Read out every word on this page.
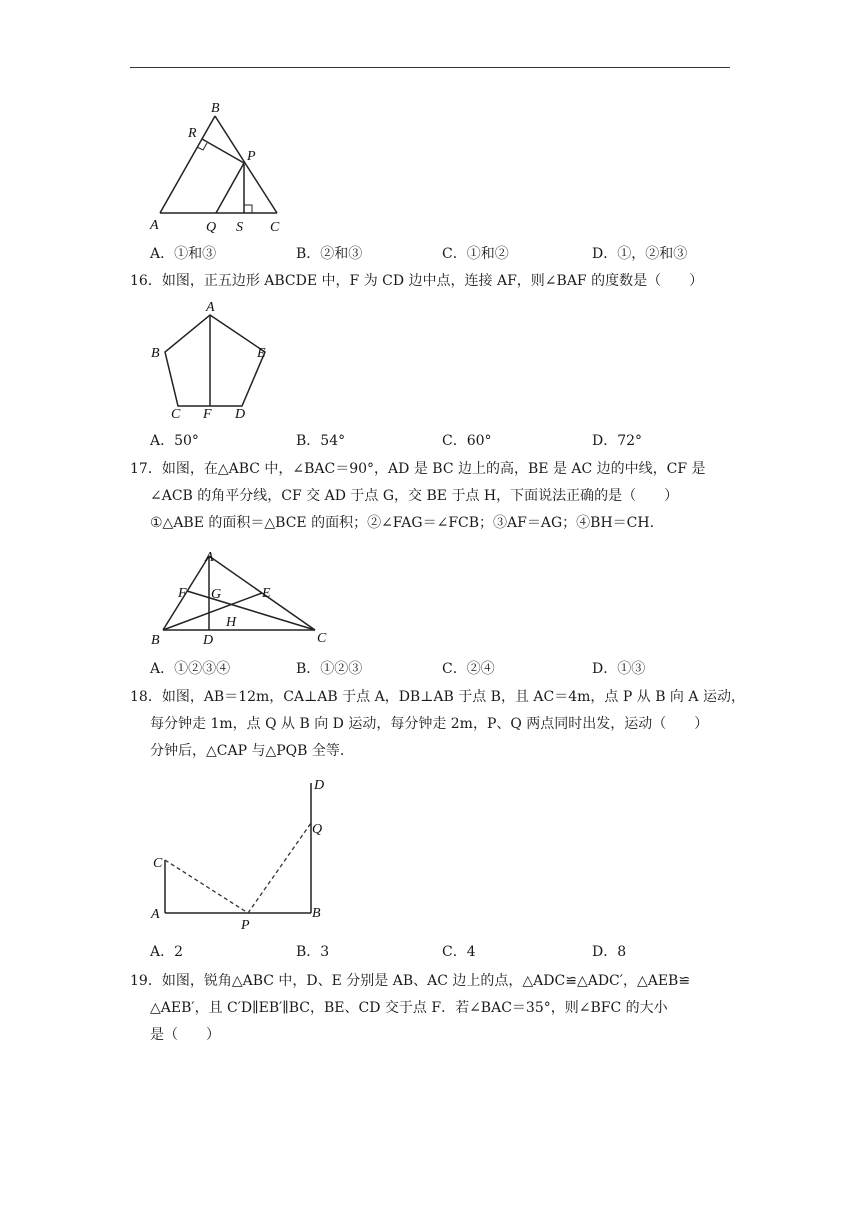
B
R
P
A	Q S C
A．①和③	B．②和③	C．①和②	D．①，②和③
16．如图，正五边形 ABCDE 中，F 为 CD 边中点，连接 AF，则∠BAF 的度数是（　　）
A
B	E
C F D
A．50°	B．54°	C．60°	D．72°
17．如图，在△ABC 中，∠BAC＝90°，AD 是 BC 边上的高，BE 是 AC 边的中线，CF 是
∠ACB 的角平分线，CF 交 AD 于点 G，交 BE 于点 H，下面说法正确的是（　　）
①△ABE 的面积＝△BCE 的面积；②∠FAG＝∠FCB；③AF＝AG；④BH＝CH.
A
F G	E
H
B	D	C
A．①②③④	B．①②③	C．②④	D．①③
18．如图，AB＝12m，CA⊥AB 于点 A，DB⊥AB 于点 B，且 AC＝4m，点 P 从 B 向 A 运动，
每分钟走 1m，点 Q 从 B 向 D 运动，每分钟走 2m，P、Q 两点同时出发，运动（　　）
分钟后，△CAP 与△PQB 全等.
D
Q
C
A
P
B
A．2	B．3	C．4	D．8
19．如图，锐角△ABC 中，D、E 分别是 AB、AC 边上的点，△ADC≌△ADC′，△AEB≌
△AEB′，且 C′D∥EB′∥BC，BE、CD 交于点 F．若∠BAC＝35°，则∠BFC 的大小
是（　　）
